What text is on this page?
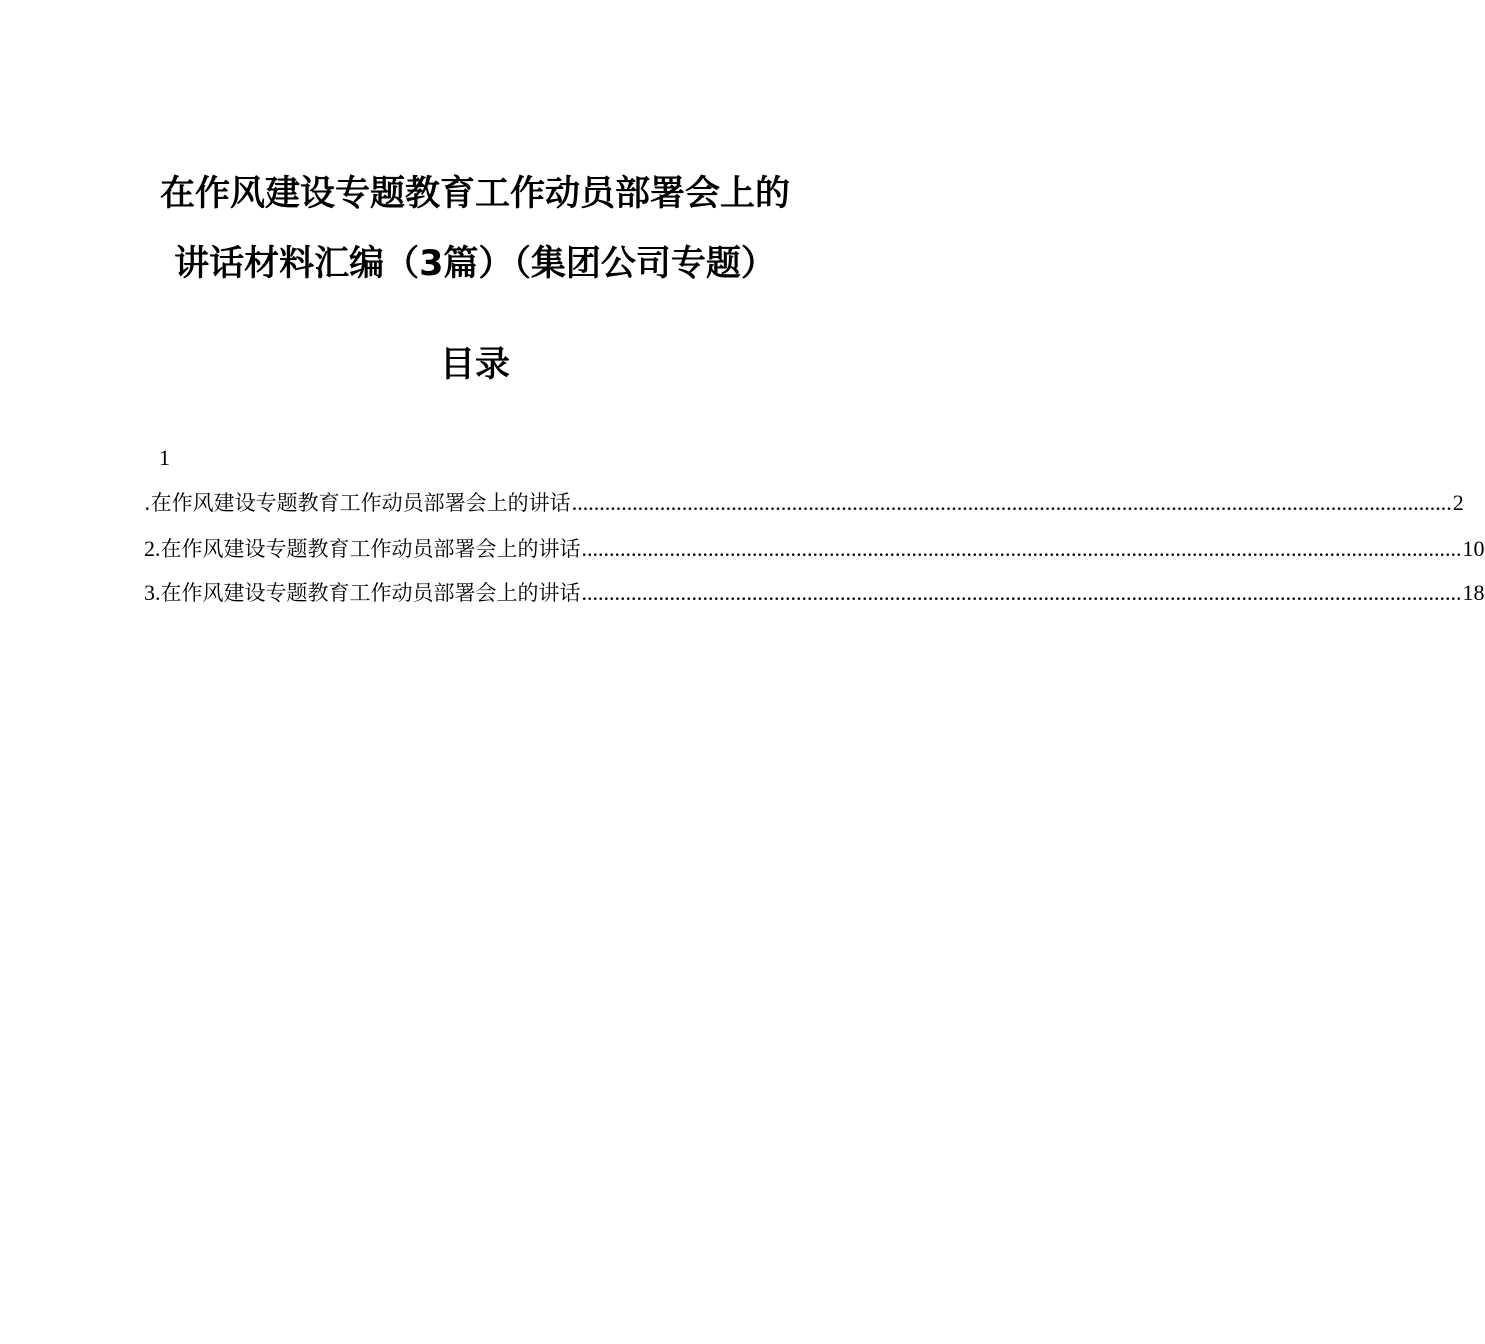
在作风建设专题教育工作动员部署会上的
讲话材料汇编（3篇）（集团公司专题）
目录
1
.在作风建设专题教育工作动员部署会上的讲话 ................................................................................................................................................................ 2
2. 在作风建设专题教育工作动员部署会上的讲话 ................................................................................................................................................................ 10
3. 在作风建设专题教育工作动员部署会上的讲话 ................................................................................................................................................................ 18
